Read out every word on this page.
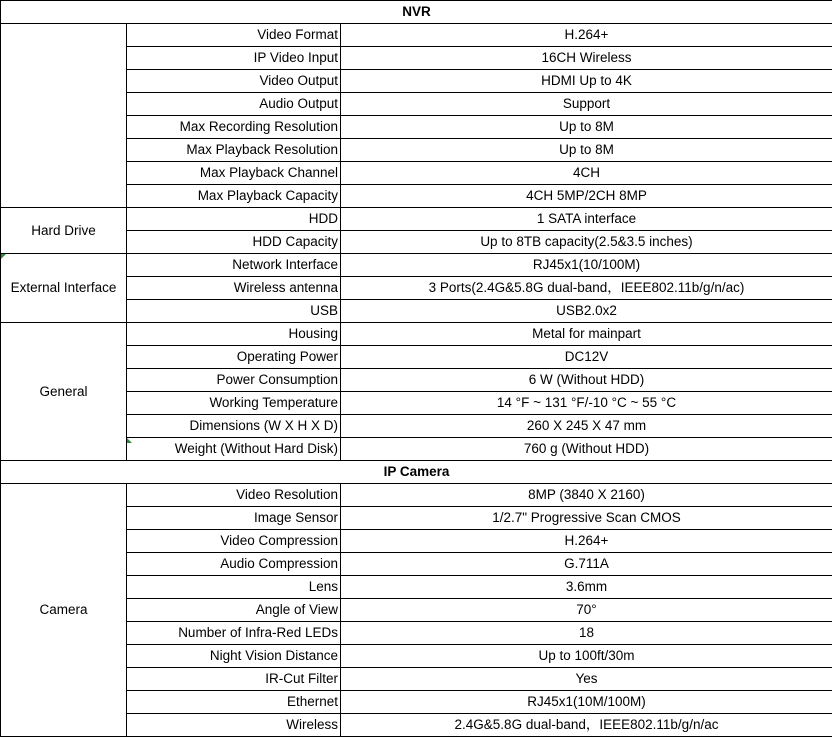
NVR		
	Video Format	H.264+
	IP Video Input	16CH Wireless
	Video Output	HDMI Up to 4K
	Audio Output	Support
	Max Recording Resolution	Up to 8M
	Max Playback Resolution	Up to 8M
	Max Playback Channel	4CH
	Max Playback Capacity	4CH 5MP/2CH 8MP
Hard Drive	HDD	1 SATA interface
	HDD Capacity	Up to 8TB capacity(2.5&3.5 inches)
External Interface	Network Interface	RJ45x1(10/100M)
	Wireless antenna	3 Ports(2.4G&5.8G dual-band，IEEE802.11b/g/n/ac)
	USB	USB2.0x2
General	Housing	Metal for mainpart
	Operating Power	DC12V
	Power Consumption	6 W (Without HDD)
	Working Temperature	14 °F ~ 131 °F/-10 °C ~ 55 °C
	Dimensions (W X H X D)	260 X 245 X 47 mm
	Weight (Without Hard Disk)	760 g (Without HDD)
IP Camera		
Camera	Video Resolution	8MP (3840 X 2160)
	Image Sensor	1/2.7" Progressive Scan CMOS
	Video Compression	H.264+
	Audio Compression	G.711A
	Lens	3.6mm
	Angle of View	70°
	Number of Infra-Red LEDs	18
	Night Vision Distance	Up to 100ft/30m
	IR-Cut Filter	Yes
	Ethernet	RJ45x1(10M/100M)
	Wireless	2.4G&5.8G dual-band，IEEE802.11b/g/n/ac
